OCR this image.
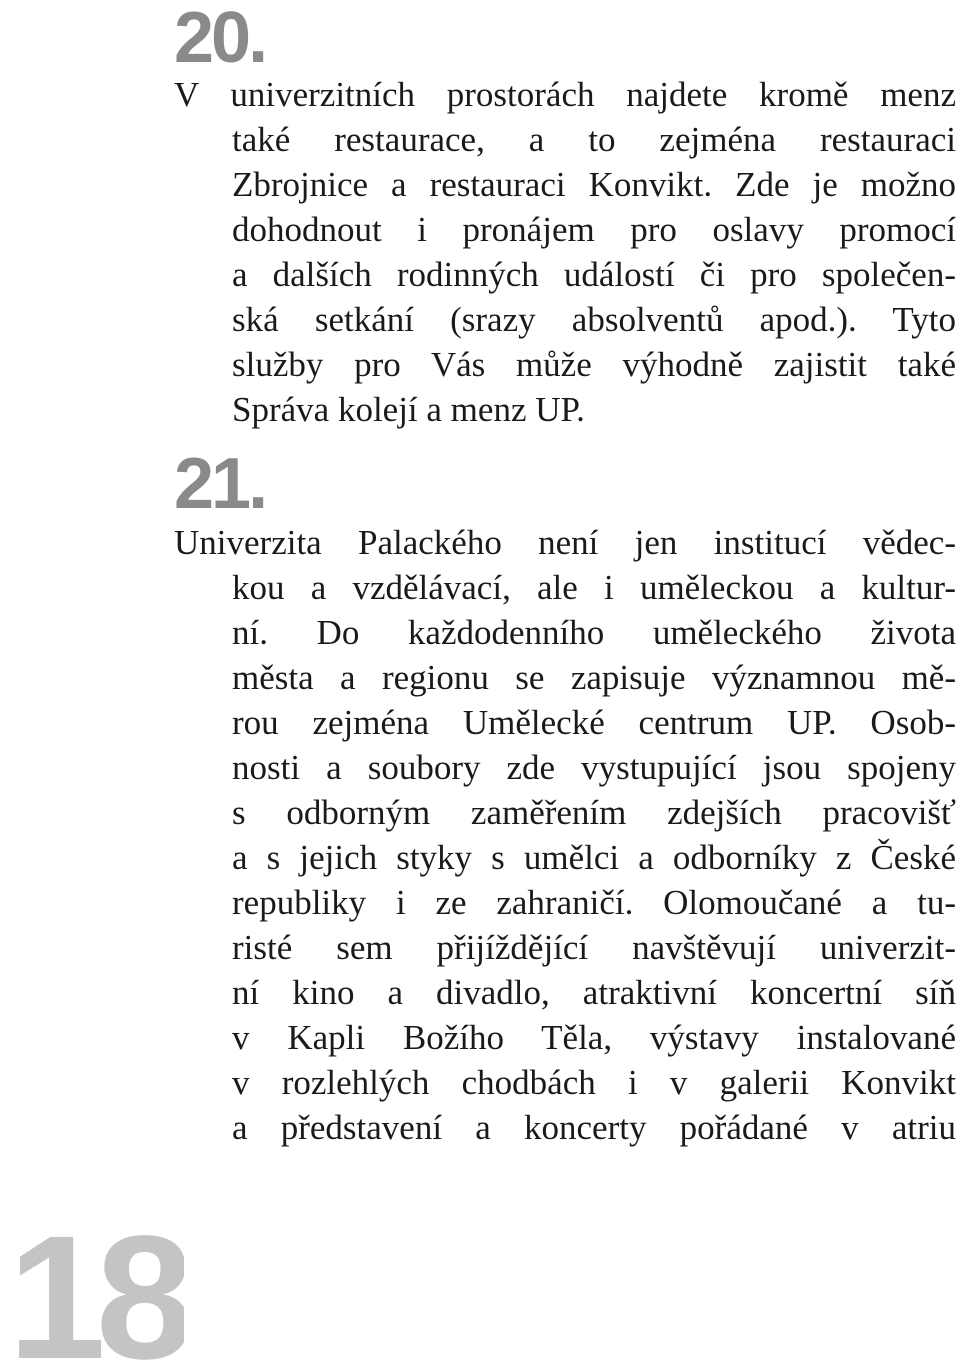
20.
V univerzitních prostorách najdete kromě menz
také restaurace, a to zejména restauraci
Zbrojnice a restauraci Konvikt. Zde je možno
dohodnout i pronájem pro oslavy promocí
a dalších rodinných událostí či pro společen-
ská setkání (srazy absolventů apod.). Tyto
služby pro Vás může výhodně zajistit také
Správa kolejí a menz UP.
21.
Univerzita Palackého není jen institucí vědec-
kou a vzdělávací, ale i uměleckou a kultur-
ní. Do každodenního uměleckého života
města a regionu se zapisuje významnou mě-
rou zejména Umělecké centrum UP. Osob-
nosti a soubory zde vystupující jsou spojeny
s odborným zaměřením zdejších pracovišť
a s jejich styky s umělci a odborníky z České
republiky i ze zahraničí. Olomoučané a tu-
risté sem přijíždějící navštěvují univerzit-
ní kino a divadlo, atraktivní koncertní síň
v Kapli Božího Těla, výstavy instalované
v rozlehlých chodbách i v galerii Konvikt
a představení a koncerty pořádané v atriu
18
